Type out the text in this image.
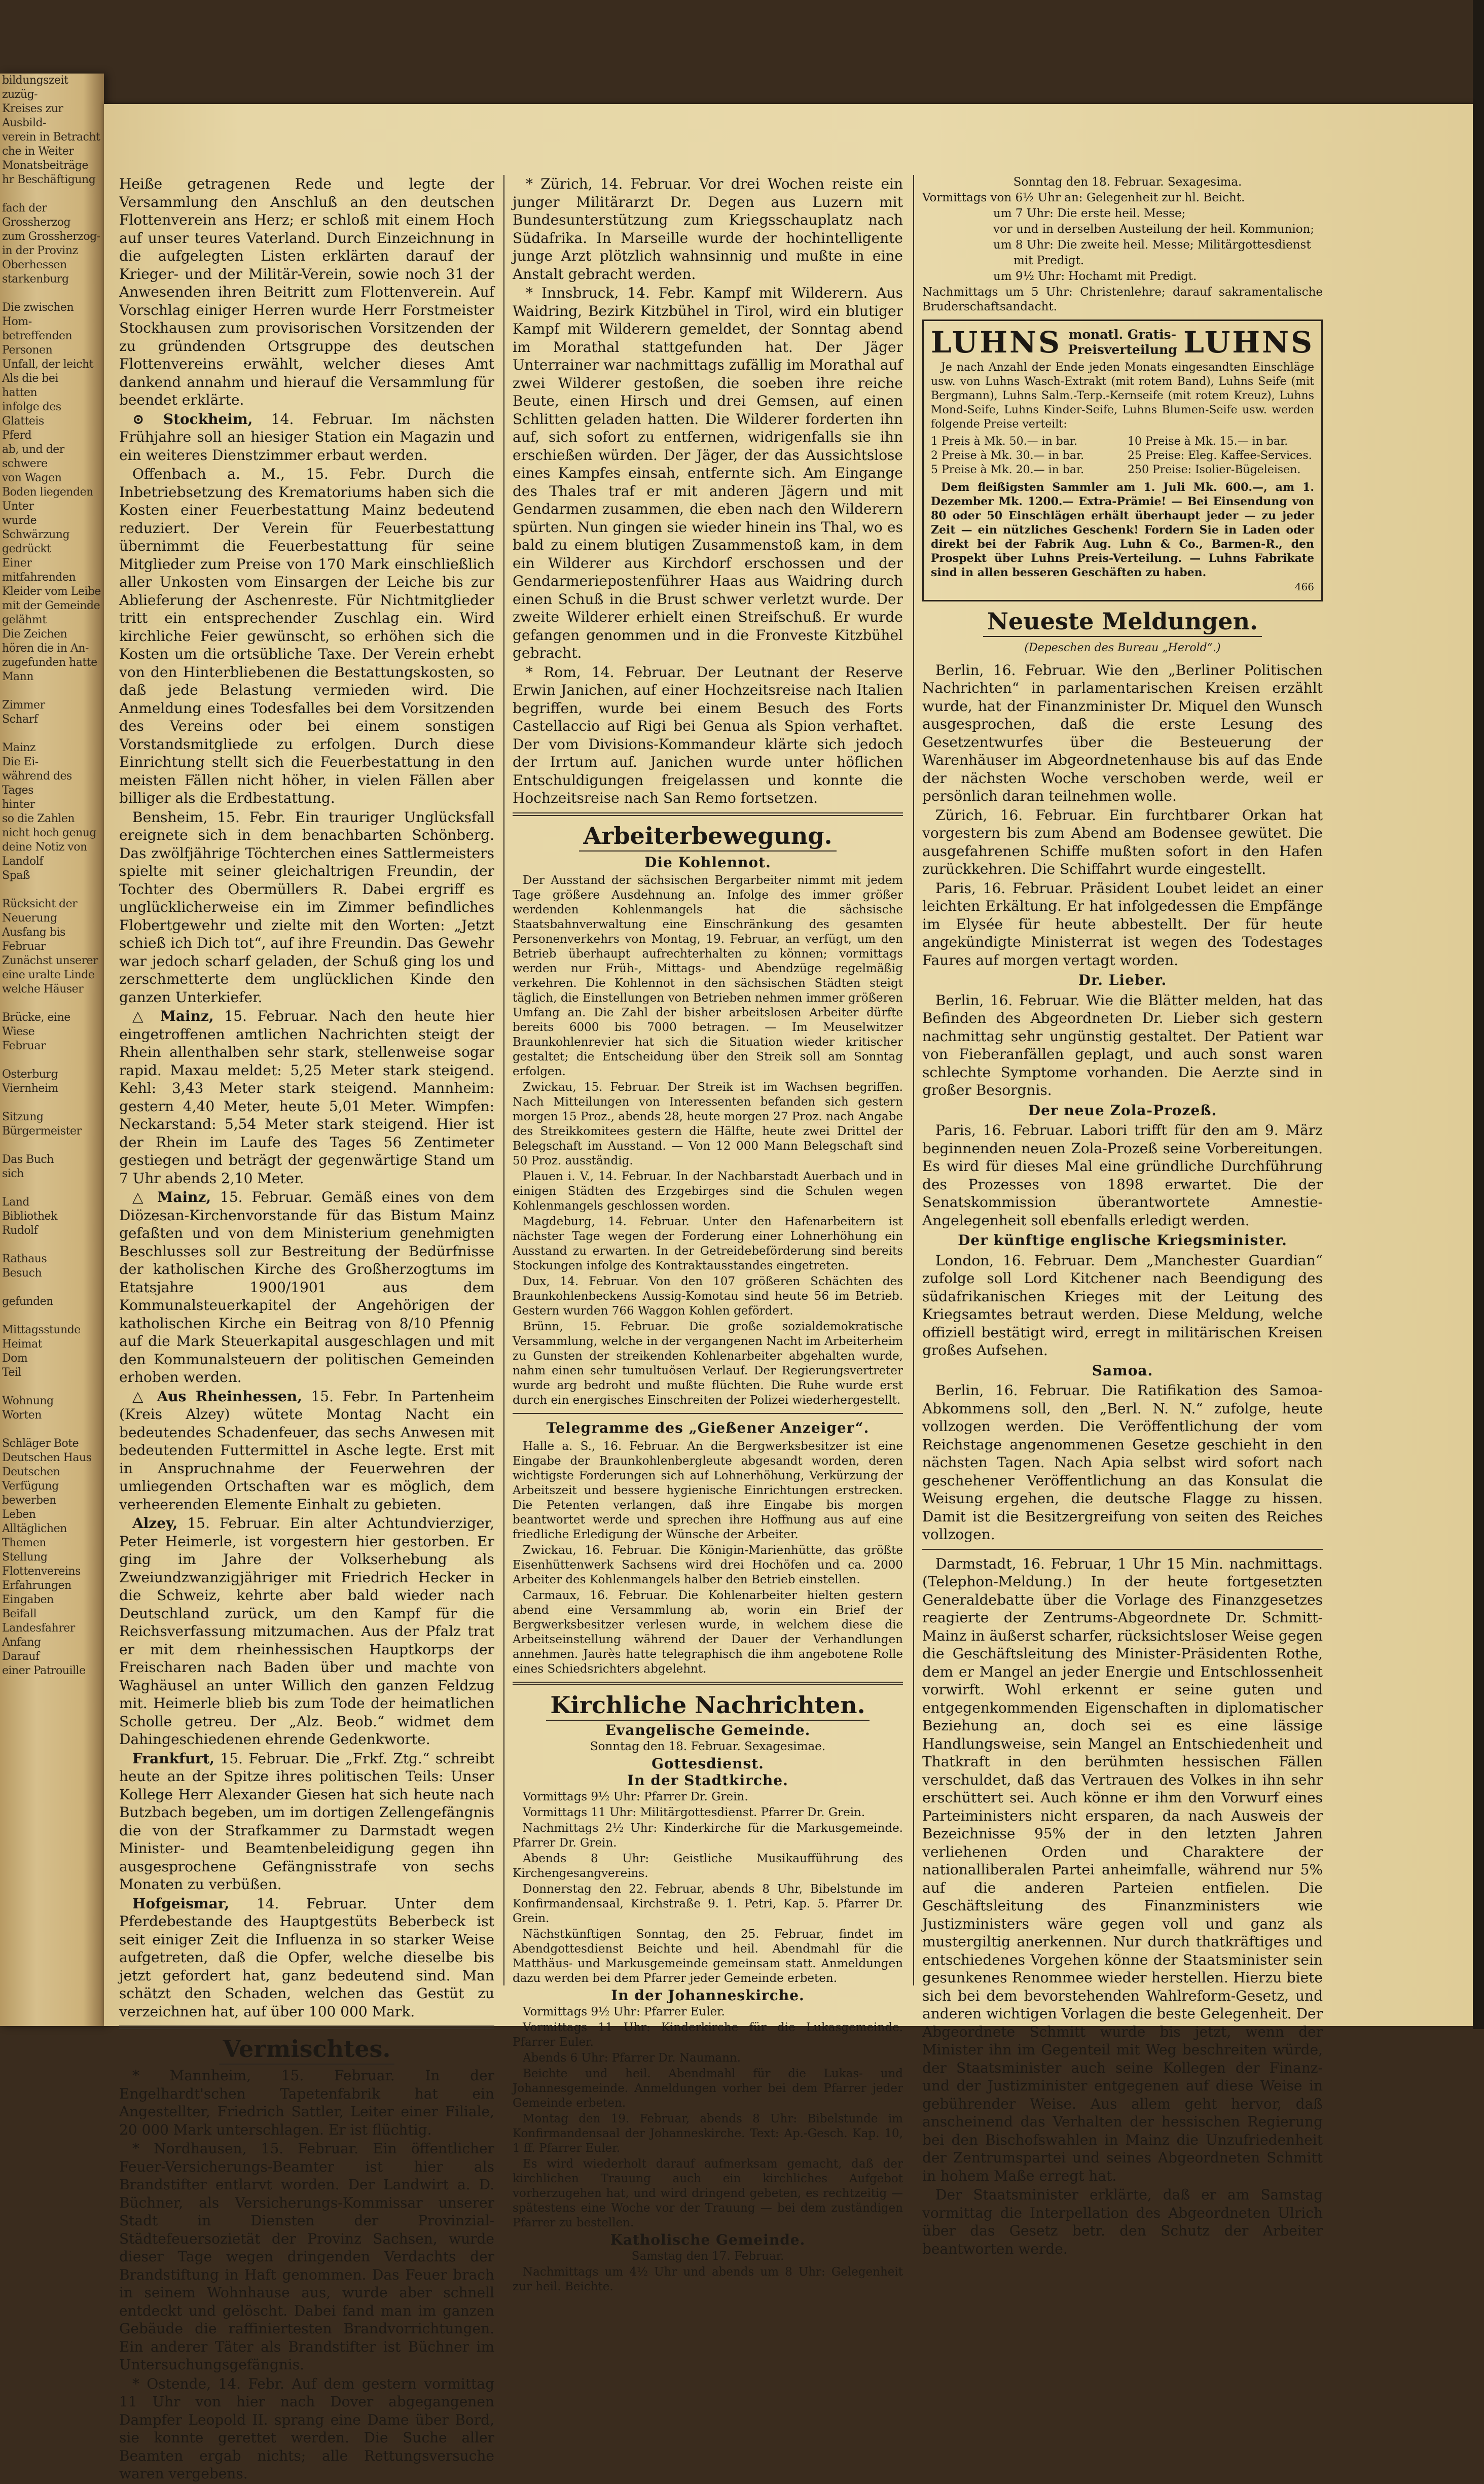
bildungszeit zuzüg-
Kreises zur Ausbild-
verein in Betracht
che in Weiter
Monatsbeiträge
hr Beschäftigung

fach der Grossherzog
zum Grossherzog-
in der Provinz Oberhessen
starkenburg

Die zwischen Hom-
betreffenden Personen
Unfall, der leicht
Als die bei
hatten
infolge des Glatteis
Pferd
ab, und der schwere
von Wagen
Boden liegenden Unter
wurde Schwärzung
gedrückt
Einer mitfahrenden
Kleider vom Leibe
mit der Gemeinde
gelähmt
Die Zeichen
hören die in An-
zugefunden hatte
Mann

Zimmer
Scharf

Mainz
Die Ei-
während des Tages
hinter
so die Zahlen
nicht hoch genug
deine Notiz von Landolf
Spaß

Rücksicht der Neuerung
Ausfang bis Februar
Zunächst unserer
eine uralte Linde
welche Häuser

Brücke, eine Wiese
Februar

Osterburg
Viernheim

Sitzung
Bürgermeister

Das Buch
sich

Land
Bibliothek
Rudolf

Rathaus
Besuch

gefunden

Mittagsstunde
Heimat
Dom
Teil

Wohnung
Worten

Schläger Bote
Deutschen Haus
Deutschen
Verfügung
bewerben
Leben
Alltäglichen
Themen
Stellung
Flottenvereins
Erfahrungen
Eingaben
Beifall
Landesfahrer
Anfang
Darauf
einer Patrouille

Heiße getragenen Rede und legte der Versammlung den Anschluß an den deutschen Flottenverein ans Herz; er schloß mit einem Hoch auf unser teures Vaterland. Durch Einzeichnung in die aufgelegten Listen erklärten darauf der Krieger- und der Militär-Verein, sowie noch 31 der Anwesenden ihren Beitritt zum Flottenverein. Auf Vorschlag einiger Herren wurde Herr Forstmeister Stockhausen zum provisorischen Vorsitzenden der zu gründenden Ortsgruppe des deutschen Flottenvereins erwählt, welcher dieses Amt dankend annahm und hierauf die Versammlung für beendet erklärte.

⊙ Stockheim, 14. Februar. Im nächsten Frühjahre soll an hiesiger Station ein Magazin und ein weiteres Dienstzimmer erbaut werden.

Offenbach a. M., 15. Febr. Durch die Inbetriebsetzung des Krematoriums haben sich die Kosten einer Feuerbestattung Mainz bedeutend reduziert. Der Verein für Feuerbestattung übernimmt die Feuerbestattung für seine Mitglieder zum Preise von 170 Mark einschließlich aller Unkosten vom Einsargen der Leiche bis zur Ablieferung der Aschenreste. Für Nichtmitglieder tritt ein entsprechender Zuschlag ein. Wird kirchliche Feier gewünscht, so erhöhen sich die Kosten um die ortsübliche Taxe. Der Verein erhebt von den Hinterbliebenen die Bestattungskosten, so daß jede Belastung vermieden wird. Die Anmeldung eines Todesfalles bei dem Vorsitzenden des Vereins oder bei einem sonstigen Vorstandsmitgliede zu erfolgen. Durch diese Einrichtung stellt sich die Feuerbestattung in den meisten Fällen nicht höher, in vielen Fällen aber billiger als die Erdbestattung.

Bensheim, 15. Febr. Ein trauriger Unglücksfall ereignete sich in dem benachbarten Schönberg. Das zwölfjährige Töchterchen eines Sattlermeisters spielte mit seiner gleichaltrigen Freundin, der Tochter des Obermüllers R. Dabei ergriff es unglücklicherweise ein im Zimmer befindliches Flobertgewehr und zielte mit den Worten: „Jetzt schieß ich Dich tot“, auf ihre Freundin. Das Gewehr war jedoch scharf geladen, der Schuß ging los und zerschmetterte dem unglücklichen Kinde den ganzen Unterkiefer.

△ Mainz, 15. Februar. Nach den heute hier eingetroffenen amtlichen Nachrichten steigt der Rhein allenthalben sehr stark, stellenweise sogar rapid. Maxau meldet: 5,25 Meter stark steigend. Kehl: 3,43 Meter stark steigend. Mannheim: gestern 4,40 Meter, heute 5,01 Meter. Wimpfen: Neckarstand: 5,54 Meter stark steigend. Hier ist der Rhein im Laufe des Tages 56 Zentimeter gestiegen und beträgt der gegenwärtige Stand um 7 Uhr abends 2,10 Meter.

△ Mainz, 15. Februar. Gemäß eines von dem Diözesan-Kirchenvorstande für das Bistum Mainz gefaßten und von dem Ministerium genehmigten Beschlusses soll zur Bestreitung der Bedürfnisse der katholischen Kirche des Großherzogtums im Etatsjahre 1900/1901 aus dem Kommunalsteuerkapitel der Angehörigen der katholischen Kirche ein Beitrag von 8/10 Pfennig auf die Mark Steuerkapital ausgeschlagen und mit den Kommunalsteuern der politischen Gemeinden erhoben werden.

△ Aus Rheinhessen, 15. Febr. In Partenheim (Kreis Alzey) wütete Montag Nacht ein bedeutendes Schadenfeuer, das sechs Anwesen mit bedeutenden Futtermittel in Asche legte. Erst mit in Anspruchnahme der Feuerwehren der umliegenden Ortschaften war es möglich, dem verheerenden Elemente Einhalt zu gebieten.

Alzey, 15. Februar. Ein alter Achtundvierziger, Peter Heimerle, ist vorgestern hier gestorben. Er ging im Jahre der Volkserhebung als Zweiundzwanzigjähriger mit Friedrich Hecker in die Schweiz, kehrte aber bald wieder nach Deutschland zurück, um den Kampf für die Reichsverfassung mitzumachen. Aus der Pfalz trat er mit dem rheinhessischen Hauptkorps der Freischaren nach Baden über und machte von Waghäusel an unter Willich den ganzen Feldzug mit. Heimerle blieb bis zum Tode der heimatlichen Scholle getreu. Der „Alz. Beob.“ widmet dem Dahingeschiedenen ehrende Gedenkworte.

Frankfurt, 15. Februar. Die „Frkf. Ztg.“ schreibt heute an der Spitze ihres politischen Teils: Unser Kollege Herr Alexander Giesen hat sich heute nach Butzbach begeben, um im dortigen Zellengefängnis die von der Strafkammer zu Darmstadt wegen Minister- und Beamtenbeleidigung gegen ihn ausgesprochene Gefängnisstrafe von sechs Monaten zu verbüßen.

Hofgeismar, 14. Februar. Unter dem Pferdebestande des Hauptgestüts Beberbeck ist seit einiger Zeit die Influenza in so starker Weise aufgetreten, daß die Opfer, welche dieselbe bis jetzt gefordert hat, ganz bedeutend sind. Man schätzt den Schaden, welchen das Gestüt zu verzeichnen hat, auf über 100 000 Mark.

Vermischtes.

* Mannheim, 15. Februar. In der Engelhardt'schen Tapetenfabrik hat ein Angestellter, Friedrich Sattler, Leiter einer Filiale, 20 000 Mark unterschlagen. Er ist flüchtig.

* Nordhausen, 15. Februar. Ein öffentlicher Feuer-Versicherungs-Beamter ist hier als Brandstifter entlarvt worden. Der Landwirt a. D. Büchner, als Versicherungs-Kommissar unserer Stadt in Diensten der Provinzial-Städtefeuersozietät der Provinz Sachsen, wurde dieser Tage wegen dringenden Verdachts der Brandstiftung in Haft genommen. Das Feuer brach in seinem Wohnhause aus, wurde aber schnell entdeckt und gelöscht. Dabei fand man im ganzen Gebäude die raffiniertesten Brandvorrichtungen. Ein anderer Täter als Brandstifter ist Büchner im Untersuchungsgefängnis.

* Ostende, 14. Febr. Auf dem gestern vormittag 11 Uhr von hier nach Dover abgegangenen Dampfer Leopold II. sprang eine Dame über Bord, sie konnte gerettet werden. Die Suche aller Beamten ergab nichts; alle Rettungsversuche waren vergebens.

* Zürich, 14. Februar. Vor drei Wochen reiste ein junger Militärarzt Dr. Degen aus Luzern mit Bundesunterstützung zum Kriegsschauplatz nach Südafrika. In Marseille wurde der hochintelligente junge Arzt plötzlich wahnsinnig und mußte in eine Anstalt gebracht werden.

* Innsbruck, 14. Febr. Kampf mit Wilderern. Aus Waidring, Bezirk Kitzbühel in Tirol, wird ein blutiger Kampf mit Wilderern gemeldet, der Sonntag abend im Morathal stattgefunden hat. Der Jäger Unterrainer war nachmittags zufällig im Morathal auf zwei Wilderer gestoßen, die soeben ihre reiche Beute, einen Hirsch und drei Gemsen, auf einen Schlitten geladen hatten. Die Wilderer forderten ihn auf, sich sofort zu entfernen, widrigenfalls sie ihn erschießen würden. Der Jäger, der das Aussichtslose eines Kampfes einsah, entfernte sich. Am Eingange des Thales traf er mit anderen Jägern und mit Gendarmen zusammen, die eben nach den Wilderern spürten. Nun gingen sie wieder hinein ins Thal, wo es bald zu einem blutigen Zusammenstoß kam, in dem ein Wilderer aus Kirchdorf erschossen und der Gendarmeriepostenführer Haas aus Waidring durch einen Schuß in die Brust schwer verletzt wurde. Der zweite Wilderer erhielt einen Streifschuß. Er wurde gefangen genommen und in die Fronveste Kitzbühel gebracht.

* Rom, 14. Februar. Der Leutnant der Reserve Erwin Janichen, auf einer Hochzeitsreise nach Italien begriffen, wurde bei einem Besuch des Forts Castellaccio auf Rigi bei Genua als Spion verhaftet. Der vom Divisions-Kommandeur klärte sich jedoch der Irrtum auf. Janichen wurde unter höflichen Entschuldigungen freigelassen und konnte die Hochzeitsreise nach San Remo fortsetzen.

Arbeiterbewegung.
Die Kohlennot.

Der Ausstand der sächsischen Bergarbeiter nimmt mit jedem Tage größere Ausdehnung an. Infolge des immer größer werdenden Kohlenmangels hat die sächsische Staatsbahnverwaltung eine Einschränkung des gesamten Personenverkehrs von Montag, 19. Februar, an verfügt, um den Betrieb überhaupt aufrechterhalten zu können; vormittags werden nur Früh-, Mittags- und Abendzüge regelmäßig verkehren. Die Kohlennot in den sächsischen Städten steigt täglich, die Einstellungen von Betrieben nehmen immer größeren Umfang an. Die Zahl der bisher arbeitslosen Arbeiter dürfte bereits 6000 bis 7000 betragen. — Im Meuselwitzer Braunkohlenrevier hat sich die Situation wieder kritischer gestaltet; die Entscheidung über den Streik soll am Sonntag erfolgen.

Zwickau, 15. Februar. Der Streik ist im Wachsen begriffen. Nach Mitteilungen von Interessenten befanden sich gestern morgen 15 Proz., abends 28, heute morgen 27 Proz. nach Angabe des Streikkomitees gestern die Hälfte, heute zwei Drittel der Belegschaft im Ausstand. — Von 12 000 Mann Belegschaft sind 50 Proz. ausständig.

Plauen i. V., 14. Februar. In der Nachbarstadt Auerbach und in einigen Städten des Erzgebirges sind die Schulen wegen Kohlenmangels geschlossen worden.

Magdeburg, 14. Februar. Unter den Hafenarbeitern ist nächster Tage wegen der Forderung einer Lohnerhöhung ein Ausstand zu erwarten. In der Getreidebeförderung sind bereits Stockungen infolge des Kontraktausstandes eingetreten.

Dux, 14. Februar. Von den 107 größeren Schächten des Braunkohlenbeckens Aussig-Komotau sind heute 56 im Betrieb. Gestern wurden 766 Waggon Kohlen gefördert.

Brünn, 15. Februar. Die große sozialdemokratische Versammlung, welche in der vergangenen Nacht im Arbeiterheim zu Gunsten der streikenden Kohlenarbeiter abgehalten wurde, nahm einen sehr tumultuösen Verlauf. Der Regierungsvertreter wurde arg bedroht und mußte flüchten. Die Ruhe wurde erst durch ein energisches Einschreiten der Polizei wiederhergestellt.

Telegramme des „Gießener Anzeiger“.

Halle a. S., 16. Februar. An die Bergwerksbesitzer ist eine Eingabe der Braunkohlenbergleute abgesandt worden, deren wichtigste Forderungen sich auf Lohnerhöhung, Verkürzung der Arbeitszeit und bessere hygienische Einrichtungen erstrecken. Die Petenten verlangen, daß ihre Eingabe bis morgen beantwortet werde und sprechen ihre Hoffnung aus auf eine friedliche Erledigung der Wünsche der Arbeiter.

Zwickau, 16. Februar. Die Königin-Marienhütte, das größte Eisenhüttenwerk Sachsens wird drei Hochöfen und ca. 2000 Arbeiter des Kohlenmangels halber den Betrieb einstellen.

Carmaux, 16. Februar. Die Kohlenarbeiter hielten gestern abend eine Versammlung ab, worin ein Brief der Bergwerksbesitzer verlesen wurde, in welchem diese die Arbeitseinstellung während der Dauer der Verhandlungen annehmen. Jaurès hatte telegraphisch die ihm angebotene Rolle eines Schiedsrichters abgelehnt.

Kirchliche Nachrichten.
Evangelische Gemeinde.
Sonntag den 18. Februar. Sexagesimae.
Gottesdienst.
In der Stadtkirche.

Vormittags 9½ Uhr: Pfarrer Dr. Grein.

Vormittags 11 Uhr: Militärgottesdienst. Pfarrer Dr. Grein.

Nachmittags 2½ Uhr: Kinderkirche für die Markusgemeinde. Pfarrer Dr. Grein.

Abends 8 Uhr: Geistliche Musikaufführung des Kirchengesangvereins.

Donnerstag den 22. Februar, abends 8 Uhr, Bibelstunde im Konfirmandensaal, Kirchstraße 9. 1. Petri, Kap. 5. Pfarrer Dr. Grein.

Nächstkünftigen Sonntag, den 25. Februar, findet im Abendgottesdienst Beichte und heil. Abendmahl für die Matthäus- und Markusgemeinde gemeinsam statt. Anmeldungen dazu werden bei dem Pfarrer jeder Gemeinde erbeten.

In der Johanneskirche.

Vormittags 9½ Uhr: Pfarrer Euler.

Vormittags 11 Uhr: Kinderkirche für die Lukasgemeinde. Pfarrer Euler.

Abends 6 Uhr: Pfarrer Dr. Naumann.

Beichte und heil. Abendmahl für die Lukas- und Johannesgemeinde. Anmeldungen vorher bei dem Pfarrer jeder Gemeinde erbeten.

Montag den 19. Februar, abends 8 Uhr: Bibelstunde im Konfirmandensaal der Johanneskirche. Text: Ap.-Gesch. Kap. 10, 1 ff. Pfarrer Euler.

Es wird wiederholt darauf aufmerksam gemacht, daß der kirchlichen Trauung auch ein kirchliches Aufgebot vorherzugehen hat, und wird dringend gebeten, es rechtzeitig — spätestens eine Woche vor der Trauung — bei dem zuständigen Pfarrer zu bestellen.

Katholische Gemeinde.

Samstag den 17. Februar.

Nachmittags um 4½ Uhr und abends um 8 Uhr: Gelegenheit zur heil. Beichte.

Sonntag den 18. Februar. Sexagesima.

Vormittags von 6½ Uhr an: Gelegenheit zur hl. Beicht.

um 7 Uhr: Die erste heil. Messe;

vor und in derselben Austeilung der heil. Kommunion;

um 8 Uhr: Die zweite heil. Messe; Militärgottesdienst

mit Predigt.

um 9½ Uhr: Hochamt mit Predigt.

Nachmittags um 5 Uhr: Christenlehre; darauf sakramentalische Bruderschaftsandacht.

LUHNS monatl. Gratis-
Preisverteilung LUHNS

Je nach Anzahl der Ende jeden Monats eingesandten Einschläge usw. von Luhns Wasch-Extrakt (mit rotem Band), Luhns Seife (mit Bergmann), Luhns Salm.-Terp.-Kernseife (mit rotem Kreuz), Luhns Mond-Seife, Luhns Kinder-Seife, Luhns Blumen-Seife usw. werden folgende Preise verteilt:

1 Preis à Mk. 50.— in bar.	10 Preise à Mk. 15.— in bar.
2 Preise à Mk. 30.— in bar.	25 Preise: Eleg. Kaffee-Services.
5 Preise à Mk. 20.— in bar.	250 Preise: Isolier-Bügeleisen.

Dem fleißigsten Sammler am 1. Juli Mk. 600.—, am 1. Dezember Mk. 1200.— Extra-Prämie! — Bei Einsendung von 80 oder 50 Einschlägen erhält überhaupt jeder — zu jeder Zeit — ein nützliches Geschenk! Fordern Sie in Laden oder direkt bei der Fabrik Aug. Luhn & Co., Barmen-R., den Prospekt über Luhns Preis-Verteilung. — Luhns Fabrikate sind in allen besseren Geschäften zu haben.

466
Neueste Meldungen.
(Depeschen des Bureau „Herold“.)

Berlin, 16. Februar. Wie den „Berliner Politischen Nachrichten“ in parlamentarischen Kreisen erzählt wurde, hat der Finanzminister Dr. Miquel den Wunsch ausgesprochen, daß die erste Lesung des Gesetzentwurfes über die Besteuerung der Warenhäuser im Abgeordnetenhause bis auf das Ende der nächsten Woche verschoben werde, weil er persönlich daran teilnehmen wolle.

Zürich, 16. Februar. Ein furchtbarer Orkan hat vorgestern bis zum Abend am Bodensee gewütet. Die ausgefahrenen Schiffe mußten sofort in den Hafen zurückkehren. Die Schiffahrt wurde eingestellt.

Paris, 16. Februar. Präsident Loubet leidet an einer leichten Erkältung. Er hat infolgedessen die Empfänge im Elysée für heute abbestellt. Der für heute angekündigte Ministerrat ist wegen des Todestages Faures auf morgen vertagt worden.

Dr. Lieber.

Berlin, 16. Februar. Wie die Blätter melden, hat das Befinden des Abgeordneten Dr. Lieber sich gestern nachmittag sehr ungünstig gestaltet. Der Patient war von Fieberanfällen geplagt, und auch sonst waren schlechte Symptome vorhanden. Die Aerzte sind in großer Besorgnis.

Der neue Zola-Prozeß.

Paris, 16. Februar. Labori trifft für den am 9. März beginnenden neuen Zola-Prozeß seine Vorbereitungen. Es wird für dieses Mal eine gründliche Durchführung des Prozesses von 1898 erwartet. Die der Senatskommission überantwortete Amnestie-Angelegenheit soll ebenfalls erledigt werden.

Der künftige englische Kriegsminister.

London, 16. Februar. Dem „Manchester Guardian“ zufolge soll Lord Kitchener nach Beendigung des südafrikanischen Krieges mit der Leitung des Kriegsamtes betraut werden. Diese Meldung, welche offiziell bestätigt wird, erregt in militärischen Kreisen großes Aufsehen.

Samoa.

Berlin, 16. Februar. Die Ratifikation des Samoa-Abkommens soll, den „Berl. N. N.“ zufolge, heute vollzogen werden. Die Veröffentlichung der vom Reichstage angenommenen Gesetze geschieht in den nächsten Tagen. Nach Apia selbst wird sofort nach geschehener Veröffentlichung an das Konsulat die Weisung ergehen, die deutsche Flagge zu hissen. Damit ist die Besitzergreifung von seiten des Reiches vollzogen.

Darmstadt, 16. Februar, 1 Uhr 15 Min. nachmittags. (Telephon-Meldung.) In der heute fortgesetzten Generaldebatte über die Vorlage des Finanzgesetzes reagierte der Zentrums-Abgeordnete Dr. Schmitt-Mainz in äußerst scharfer, rücksichtsloser Weise gegen die Geschäftsleitung des Minister-Präsidenten Rothe, dem er Mangel an jeder Energie und Entschlossenheit vorwirft. Wohl erkennt er seine guten und entgegenkommenden Eigenschaften in diplomatischer Beziehung an, doch sei es eine lässige Handlungsweise, sein Mangel an Entschiedenheit und Thatkraft in den berühmten hessischen Fällen verschuldet, daß das Vertrauen des Volkes in ihn sehr erschüttert sei. Auch könne er ihm den Vorwurf eines Parteiministers nicht ersparen, da nach Ausweis der Bezeichnisse 95% der in den letzten Jahren verliehenen Orden und Charaktere der nationalliberalen Partei anheimfalle, während nur 5% auf die anderen Parteien entfielen. Die Geschäftsleitung des Finanzministers wie Justizministers wäre gegen voll und ganz als mustergiltig anerkennen. Nur durch thatkräftiges und entschiedenes Vorgehen könne der Staatsminister sein gesunkenes Renommee wieder herstellen. Hierzu biete sich bei dem bevorstehenden Wahlreform-Gesetz, und anderen wichtigen Vorlagen die beste Gelegenheit. Der Abgeordnete Schmitt wurde bis jetzt, wenn der Minister ihn im Gegenteil mit Weg beschreiten würde, der Staatsminister auch seine Kollegen der Finanz- und der Justizminister entgegenen auf diese Weise in gebührender Weise. Aus allem geht hervor, daß anscheinend das Verhalten der hessischen Regierung bei den Bischofswahlen in Mainz die Unzufriedenheit der Zentrumspartei und seines Abgeordneten Schmitt in hohem Maße erregt hat.

Der Staatsminister erklärte, daß er am Samstag vormittag die Interpellation des Abgeordneten Ulrich über das Gesetz betr. den Schutz der Arbeiter beantworten werde.
